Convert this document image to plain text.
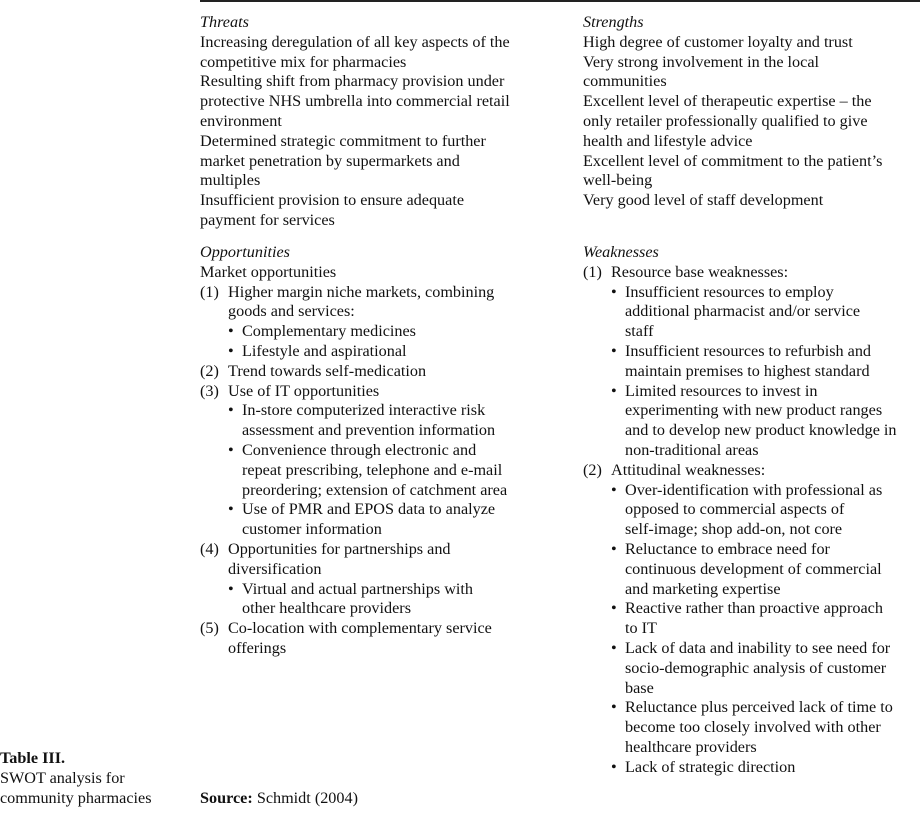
Threats
Increasing deregulation of all key aspects of the
competitive mix for pharmacies
Resulting shift from pharmacy provision under
protective NHS umbrella into commercial retail
environment
Determined strategic commitment to further
market penetration by supermarkets and
multiples
Insufficient provision to ensure adequate
payment for services
Opportunities
Market opportunities
(1) Higher margin niche markets, combining
goods and services:
• Complementary medicines
• Lifestyle and aspirational
(2) Trend towards self-medication
(3) Use of IT opportunities
• In-store computerized interactive risk
assessment and prevention information
• Convenience through electronic and
repeat prescribing, telephone and e-mail
preordering; extension of catchment area
• Use of PMR and EPOS data to analyze
customer information
(4) Opportunities for partnerships and
diversification
• Virtual and actual partnerships with
other healthcare providers
(5) Co-location with complementary service
offerings
Strengths
High degree of customer loyalty and trust
Very strong involvement in the local
communities
Excellent level of therapeutic expertise – the
only retailer professionally qualified to give
health and lifestyle advice
Excellent level of commitment to the patient’s
well-being
Very good level of staff development
Weaknesses
(1) Resource base weaknesses:
• Insufficient resources to employ
additional pharmacist and/or service
staff
• Insufficient resources to refurbish and
maintain premises to highest standard
• Limited resources to invest in
experimenting with new product ranges
and to develop new product knowledge in
non-traditional areas
(2) Attitudinal weaknesses:
• Over-identification with professional as
opposed to commercial aspects of
self-image; shop add-on, not core
• Reluctance to embrace need for
continuous development of commercial
and marketing expertise
• Reactive rather than proactive approach
to IT
• Lack of data and inability to see need for
socio-demographic analysis of customer
base
• Reluctance plus perceived lack of time to
become too closely involved with other
healthcare providers
• Lack of strategic direction
Table III.
SWOT analysis for
community pharmacies	Source: Schmidt (2004)
